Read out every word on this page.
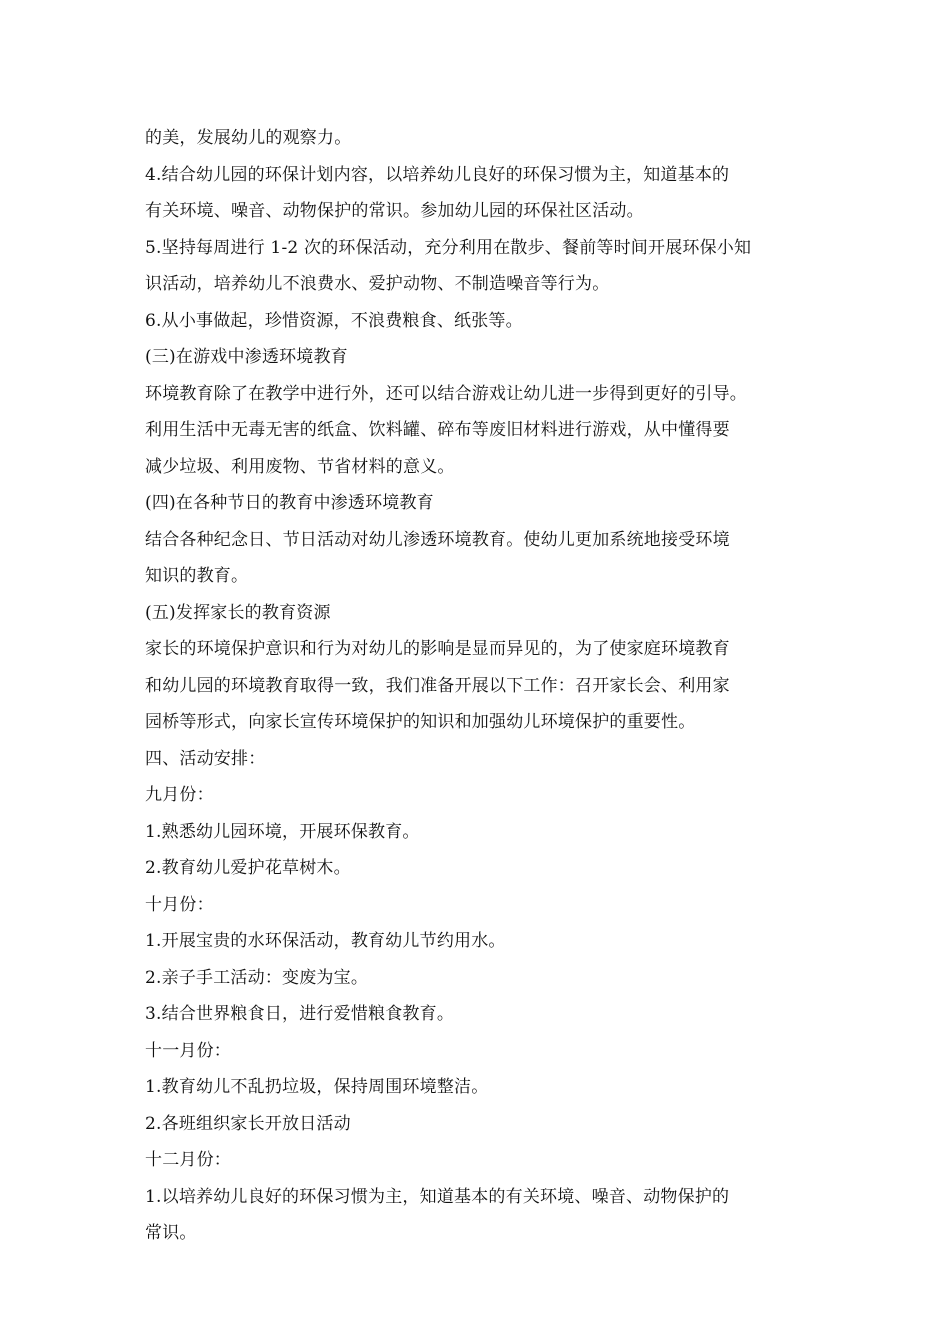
的美，发展幼儿的观察力。
4.结合幼儿园的环保计划内容，以培养幼儿良好的环保习惯为主，知道基本的
有关环境、噪音、动物保护的常识。参加幼儿园的环保社区活动。
5.坚持每周进行 1-2 次的环保活动，充分利用在散步、餐前等时间开展环保小知
识活动，培养幼儿不浪费水、爱护动物、不制造噪音等行为。
6.从小事做起，珍惜资源，不浪费粮食、纸张等。
(三)在游戏中渗透环境教育
环境教育除了在教学中进行外，还可以结合游戏让幼儿进一步得到更好的引导。
利用生活中无毒无害的纸盒、饮料罐、碎布等废旧材料进行游戏，从中懂得要
减少垃圾、利用废物、节省材料的意义。
(四)在各种节日的教育中渗透环境教育
结合各种纪念日、节日活动对幼儿渗透环境教育。使幼儿更加系统地接受环境
知识的教育。
(五)发挥家长的教育资源
家长的环境保护意识和行为对幼儿的影响是显而异见的，为了使家庭环境教育
和幼儿园的环境教育取得一致，我们准备开展以下工作：召开家长会、利用家
园桥等形式，向家长宣传环境保护的知识和加强幼儿环境保护的重要性。
四、活动安排：
九月份：
1.熟悉幼儿园环境，开展环保教育。
2.教育幼儿爱护花草树木。
十月份：
1.开展宝贵的水环保活动，教育幼儿节约用水。
2.亲子手工活动：变废为宝。
3.结合世界粮食日，进行爱惜粮食教育。
十一月份：
1.教育幼儿不乱扔垃圾，保持周围环境整洁。
2.各班组织家长开放日活动
十二月份：
1.以培养幼儿良好的环保习惯为主，知道基本的有关环境、噪音、动物保护的
常识。
